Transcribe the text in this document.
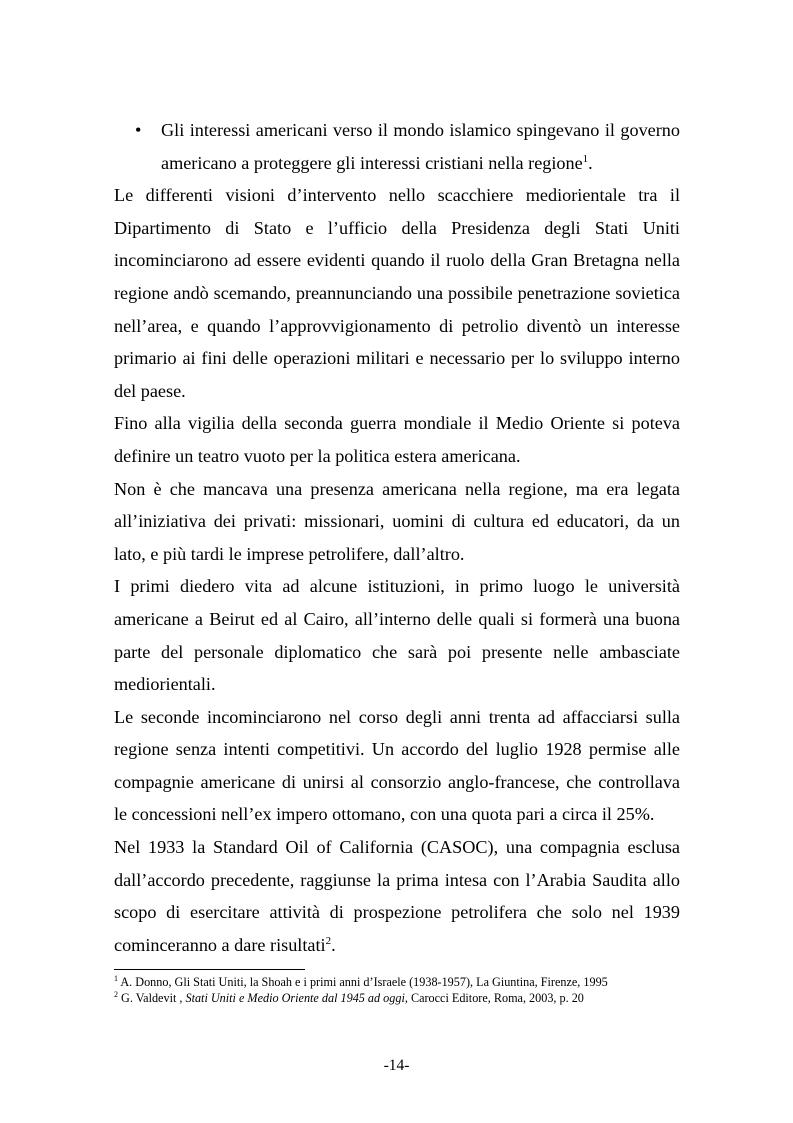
• Gli interessi americani verso il mondo islamico spingevano il governo americano a proteggere gli interessi cristiani nella regione$^1$.

Le differenti visioni d’intervento nello scacchiere mediorientale tra il Dipartimento di Stato e l’ufficio della Presidenza degli Stati Uniti incominciarono ad essere evidenti quando il ruolo della Gran Bretagna nella regione andò scemando, preannunciando una possibile penetrazione sovietica nell’area, e quando l’approvvigionamento di petrolio diventò un interesse primario ai fini delle operazioni militari e necessario per lo sviluppo interno del paese.

Fino alla vigilia della seconda guerra mondiale il Medio Oriente si poteva definire un teatro vuoto per la politica estera americana.

Non è che mancava una presenza americana nella regione, ma era legata all’iniziativa dei privati: missionari, uomini di cultura ed educatori, da un lato, e più tardi le imprese petrolifere, dall’altro.

I primi diedero vita ad alcune istituzioni, in primo luogo le università americane a Beirut ed al Cairo, all’interno delle quali si formerà una buona parte del personale diplomatico che sarà poi presente nelle ambasciate mediorientali.

Le seconde incominciarono nel corso degli anni trenta ad affacciarsi sulla regione senza intenti competitivi. Un accordo del luglio 1928 permise alle compagnie americane di unirsi al consorzio anglo-francese, che controllava le concessioni nell’ex impero ottomano, con una quota pari a circa il 25%.

Nel 1933 la Standard Oil of California (CASOC), una compagnia esclusa dall’accordo precedente, raggiunse la prima intesa con l’Arabia Saudita allo scopo di esercitare attività di prospezione petrolifera che solo nel 1939 cominceranno a dare risultati$^2$.

$^1$ A. Donno, Gli Stati Uniti, la Shoah e i primi anni d’Israele (1938-1957), La Giuntina, Firenze, 1995
$^2$ G. Valdevit , Stati Uniti e Medio Oriente dal 1945 ad oggi, Carocci Editore, Roma, 2003, p. 20
-14-
